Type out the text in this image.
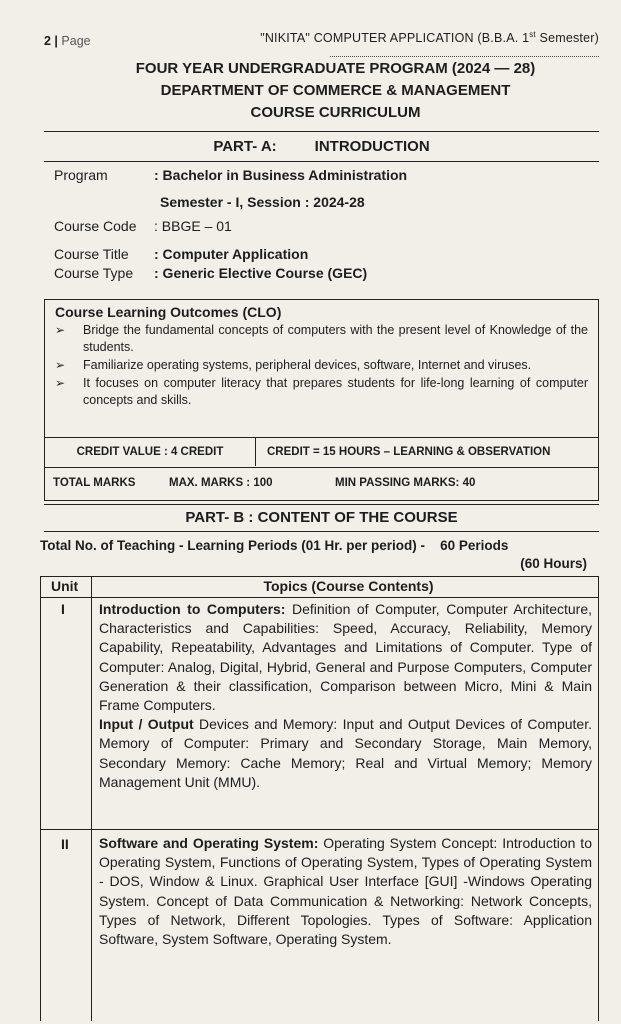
2 | Page	"NIKITA" COMPUTER APPLICATION (B.B.A. 1st Semester)
FOUR YEAR UNDERGRADUATE PROGRAM (2024 — 28)
DEPARTMENT OF COMMERCE & MANAGEMENT
COURSE CURRICULUM
PART- A:	INTRODUCTION
Program	: Bachelor in Business Administration
Semester - I, Session : 2024-28
Course Code : BBGE – 01
Course Title : Computer Application
Course Type : Generic Elective Course (GEC)
Course Learning Outcomes (CLO)
➢ Bridge the fundamental concepts of computers with the present level of Knowledge of the students.
➢ Familiarize operating systems, peripheral devices, software, Internet and viruses.
➢ It focuses on computer literacy that prepares students for life-long learning of computer concepts and skills.
CREDIT VALUE : 4 CREDIT	CREDIT = 15 HOURS – LEARNING & OBSERVATION
TOTAL MARKS	MAX. MARKS : 100	MIN PASSING MARKS: 40
PART- B : CONTENT OF THE COURSE
Total No. of Teaching - Learning Periods (01 Hr. per period) - 60 Periods
(60 Hours)
Unit	Topics (Course Contents)
I Introduction to Computers: Definition of Computer, Computer Architecture, Characteristics and Capabilities: Speed, Accuracy, Reliability, Memory Capability, Repeatability, Advantages and Limitations of Computer. Type of Computer: Analog, Digital, Hybrid, General and Purpose Computers, Computer Generation & their classification, Comparison between Micro, Mini & Main Frame Computers.

Input / Output Devices and Memory: Input and Output Devices of Computer. Memory of Computer: Primary and Secondary Storage, Main Memory, Secondary Memory: Cache Memory; Real and Virtual Memory; Memory Management Unit (MMU).

II Software and Operating System: Operating System Concept: Introduction to Operating System, Functions of Operating System, Types of Operating System - DOS, Window & Linux. Graphical User Interface [GUI] -Windows Operating System. Concept of Data Communication & Networking: Network Concepts, Types of Network, Different Topologies. Types of Software: Application Software, System Software, Operating System.
